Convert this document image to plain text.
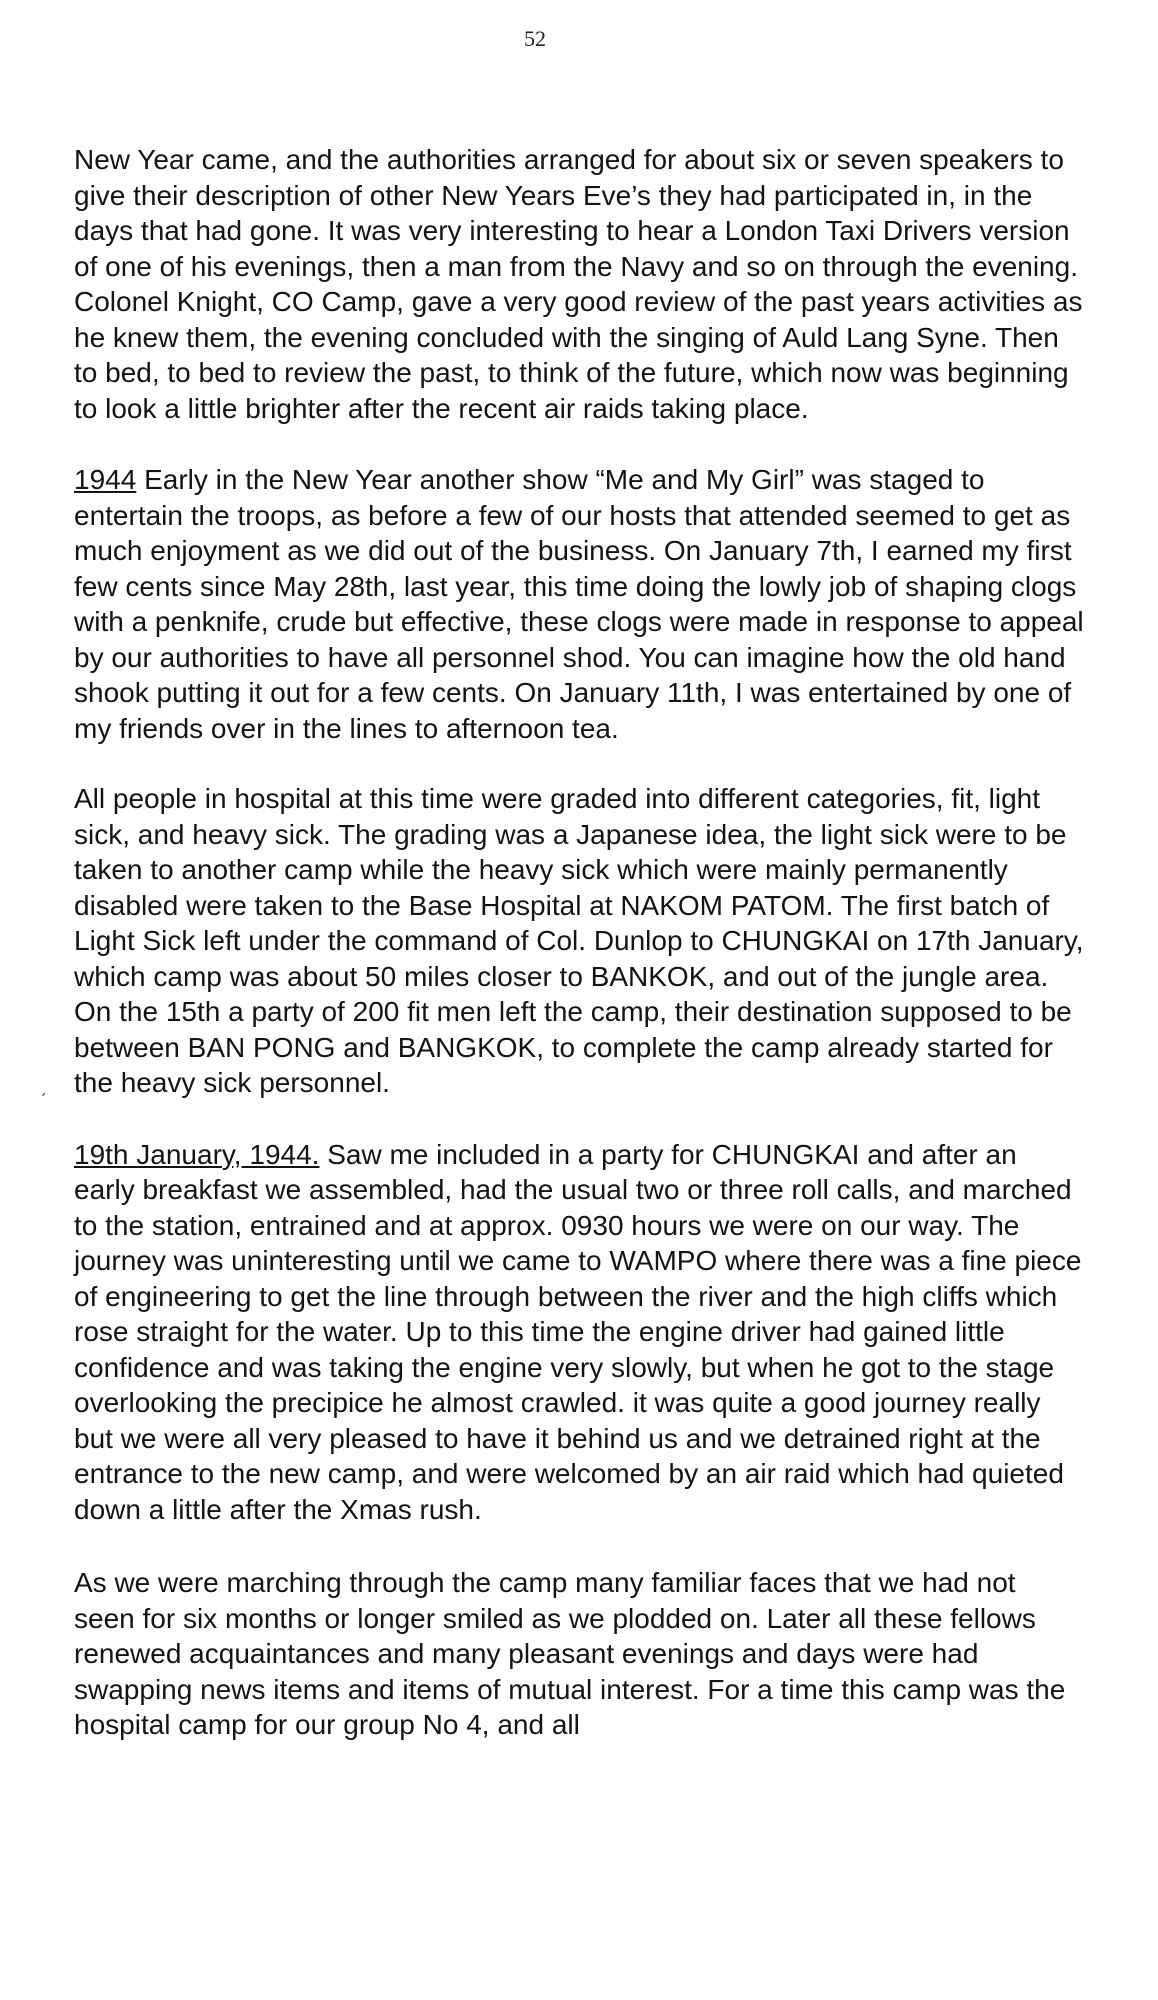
52
ˏ

New Year came, and the authorities arranged for about six or seven speakers to give their description of other New Years Eve’s they had participated in, in the days that had gone. It was very interesting to hear a London Taxi Drivers version of one of his evenings, then a man from the Navy and so on through the evening. Colonel Knight, CO Camp, gave a very good review of the past years activities as he knew them, the evening concluded with the singing of Auld Lang Syne. Then to bed, to bed to review the past, to think of the future, which now was beginning to look a little brighter after the recent air raids taking place.

1944 Early in the New Year another show “Me and My Girl” was staged to entertain the troops, as before a few of our hosts that attended seemed to get as much enjoyment as we did out of the business. On January 7th, I earned my first few cents since May 28th, last year, this time doing the lowly job of shaping clogs with a penknife, crude but effective, these clogs were made in response to appeal by our authorities to have all personnel shod. You can imagine how the old hand shook putting it out for a few cents. On January 11th, I was entertained by one of my friends over in the lines to afternoon tea.

All people in hospital at this time were graded into different categories, fit, light sick, and heavy sick. The grading was a Japanese idea, the light sick were to be taken to another camp while the heavy sick which were mainly permanently disabled were taken to the Base Hospital at NAKOM PATOM. The first batch of Light Sick left under the command of Col. Dunlop to CHUNGKAI on 17th January, which camp was about 50 miles closer to BANKOK, and out of the jungle area. On the 15th a party of 200 fit men left the camp, their destination supposed to be between BAN PONG and BANGKOK, to complete the camp already started for the heavy sick personnel.

19th January, 1944. Saw me included in a party for CHUNGKAI and after an early breakfast we assembled, had the usual two or three roll calls, and marched to the station, entrained and at approx. 0930 hours we were on our way. The journey was uninteresting until we came to WAMPO where there was a fine piece of engineering to get the line through between the river and the high cliffs which rose straight for the water. Up to this time the engine driver had gained little confidence and was taking the engine very slowly, but when he got to the stage overlooking the precipice he almost crawled. it was quite a good journey really but we were all very pleased to have it behind us and we detrained right at the entrance to the new camp, and were welcomed by an air raid which had quieted down a little after the Xmas rush.

As we were marching through the camp many familiar faces that we had not seen for six months or longer smiled as we plodded on. Later all these fellows renewed acquaintances and many pleasant evenings and days were had swapping news items and items of mutual interest. For a time this camp was the hospital camp for our group No 4, and all
